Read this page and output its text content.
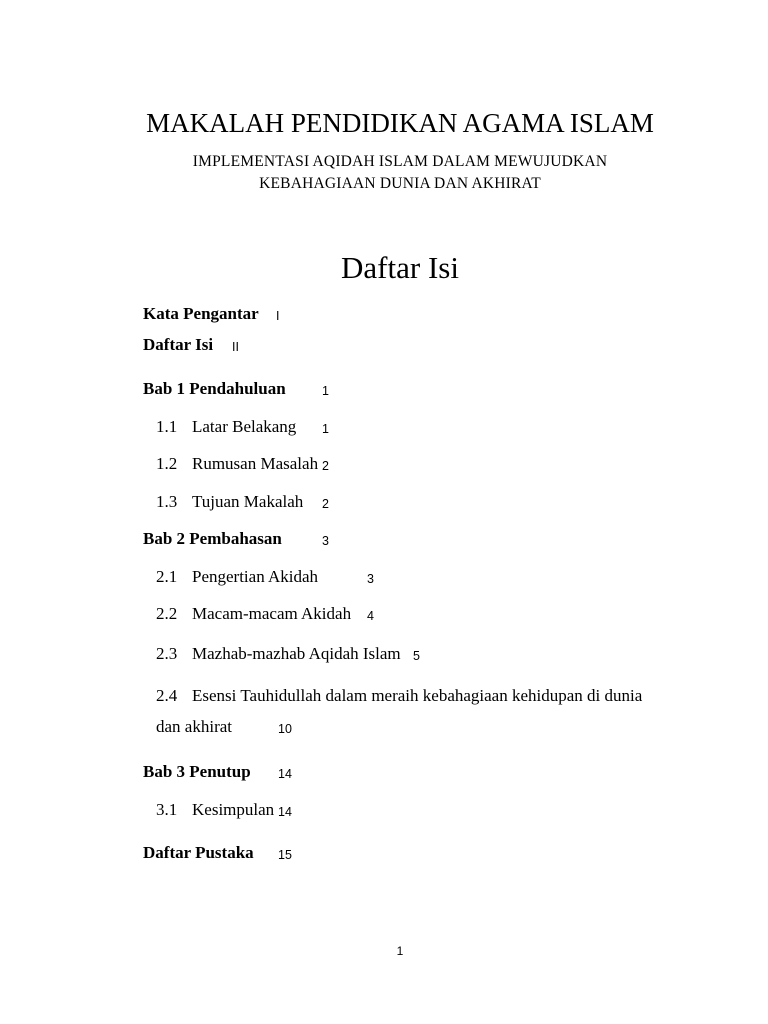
MAKALAH PENDIDIKAN AGAMA ISLAM
IMPLEMENTASI AQIDAH ISLAM DALAM MEWUJUDKAN
KEBAHAGIAAN DUNIA DAN AKHIRAT
Daftar Isi
Kata Pengantar I
Daftar Isi II
Bab 1 Pendahuluan	1
1.1 Latar Belakang 1
1.2 Rumusan Masalah 2
1.3 Tujuan Makalah 2
Bab 2 Pembahasan	3
2.1 Pengertian Akidah	3
2.2 Macam-macam Akidah 4
2.3 Mazhab-mazhab Aqidah Islam 5
2.4 Esensi Tauhidullah dalam meraih kebahagiaan kehidupan di dunia
dan akhirat	10
Bab 3 Penutup 14
3.1 Kesimpulan 14
Daftar Pustaka 15
1
